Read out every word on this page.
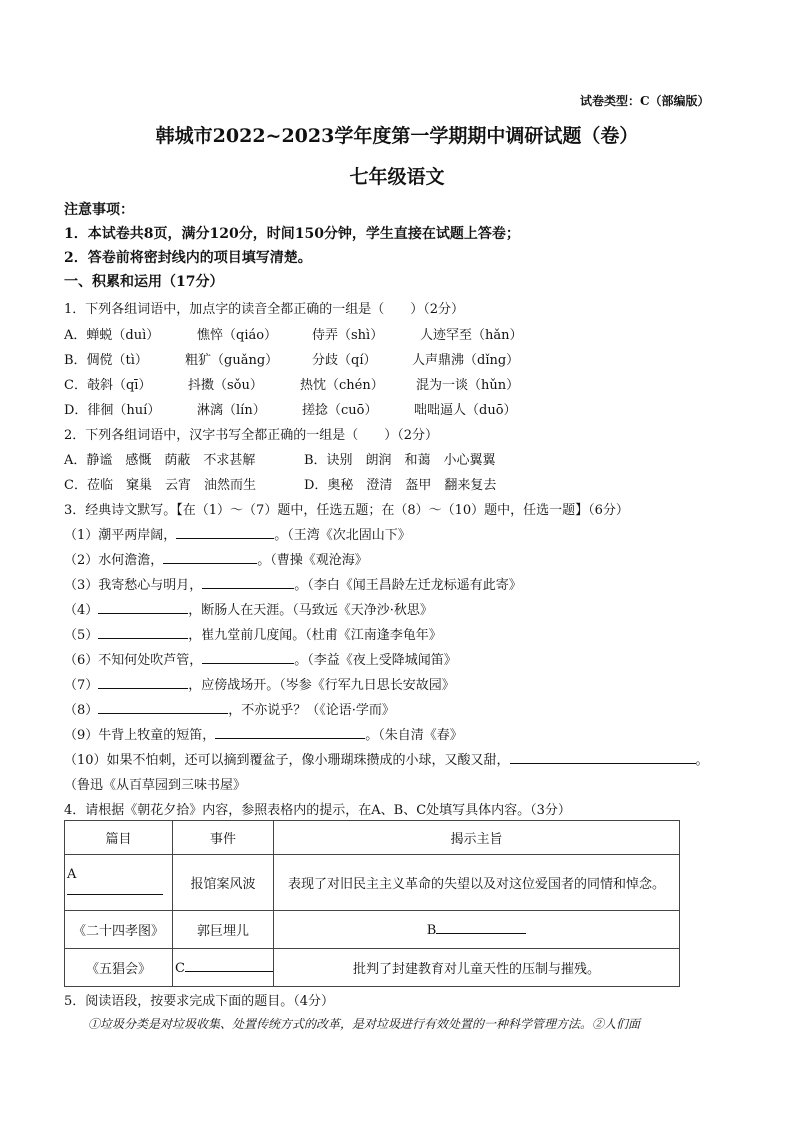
试卷类型：C（部编版）
韩城市2022~2023学年度第一学期期中调研试题（卷）
七年级语文
注意事项：
1．本试卷共8页，满分120分，时间150分钟，学生直接在试题上答卷；
2．答卷前将密封线内的项目填写清楚。
一、积累和运用（17分）
1．下列各组词语中，加点字的读音全都正确的一组是（　　）（2分）
A．蝉蜕（duì）	憔悴（qiáo）	侍弄（shì）	人迹罕至（hǎn）
B．倜傥（tì）	粗犷（guǎng）	分歧（qí）	人声鼎沸（dǐng）
C．攲斜（qī）	抖擞（sǒu）	热忱（chén） 混为一谈（hǔn）
D．徘徊（huí）	淋漓（lín）	搓捻（cuō）	咄咄逼人（duō）
2．下列各组词语中，汉字书写全都正确的一组是（　　）（2分）
A．静谧　感慨　荫蔽　不求甚解	B．诀别　朗润　和蔼　小心翼翼
C．莅临　窠巢　云宵　油然而生	D．奥秘　澄清　盔甲　翻来复去
3．经典诗文默写。【在（1）～（7）题中，任选五题；在（8）～（10）题中，任选一题】（6分）
（1）潮平两岸阔，	。（王湾《次北固山下》
（2）水何澹澹，	。（曹操《观沧海》
（3）我寄愁心与明月，	。（李白《闻王昌龄左迁龙标遥有此寄》
（4）	，断肠人在天涯。（马致远《天净沙·秋思》
（5）	，崔九堂前几度闻。（杜甫《江南逢李龟年》
（6）不知何处吹芦管，	。（李益《夜上受降城闻笛》
（7）	，应傍战场开。（岑参《行军九日思长安故园》
（8）	，不亦说乎？（《论语·学而》
（9）牛背上牧童的短笛，	。（朱自清《春》
（10）如果不怕刺，还可以摘到覆盆子，像小珊瑚珠攒成的小球，又酸又甜，	。
（鲁迅《从百草园到三味书屋》
4．请根据《朝花夕拾》内容，参照表格内的提示，在A、B、C处填写具体内容。（3分）
篇目	事件	揭示主旨
A	报馆案风波	表现了对旧民主主义革命的失望以及对这位爱国者的同情和悼念。
《二十四孝图》	郭巨埋儿	B
《五猖会》	C	批判了封建教育对儿童天性的压制与摧残。
5．阅读语段，按要求完成下面的题目。（4分）
①垃圾分类是对垃圾收集、处置传统方式的改革，是对垃圾进行有效处置的一种科学管理方法。②人们面
